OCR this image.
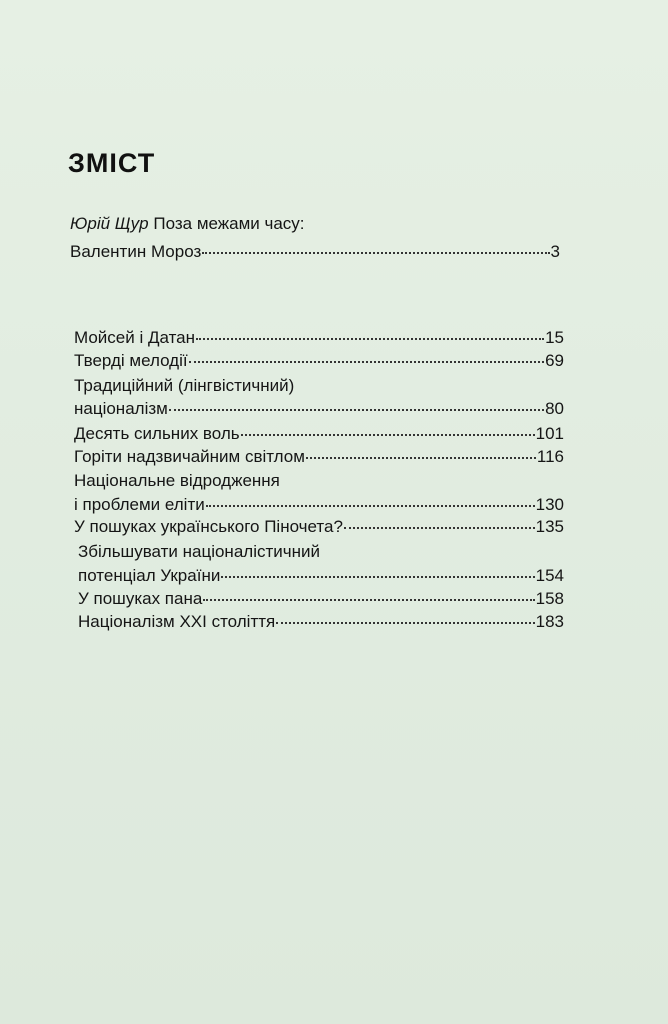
ЗМІСТ
Юрій Щур Поза межами часу:
Валентин Мороз	3
Мойсей і Датан	15
Тверді мелодії	69
Традиційний (лінгвістичний)
націоналізм	80
Десять сильних воль	101
Горіти надзвичайним світлом	116
Національне відродження
і проблеми еліти	130
У пошуках українського Піночета?	135
Збільшувати націоналістичний
потенціал України	154
У пошуках пана	158
Націоналізм XXI століття	183
